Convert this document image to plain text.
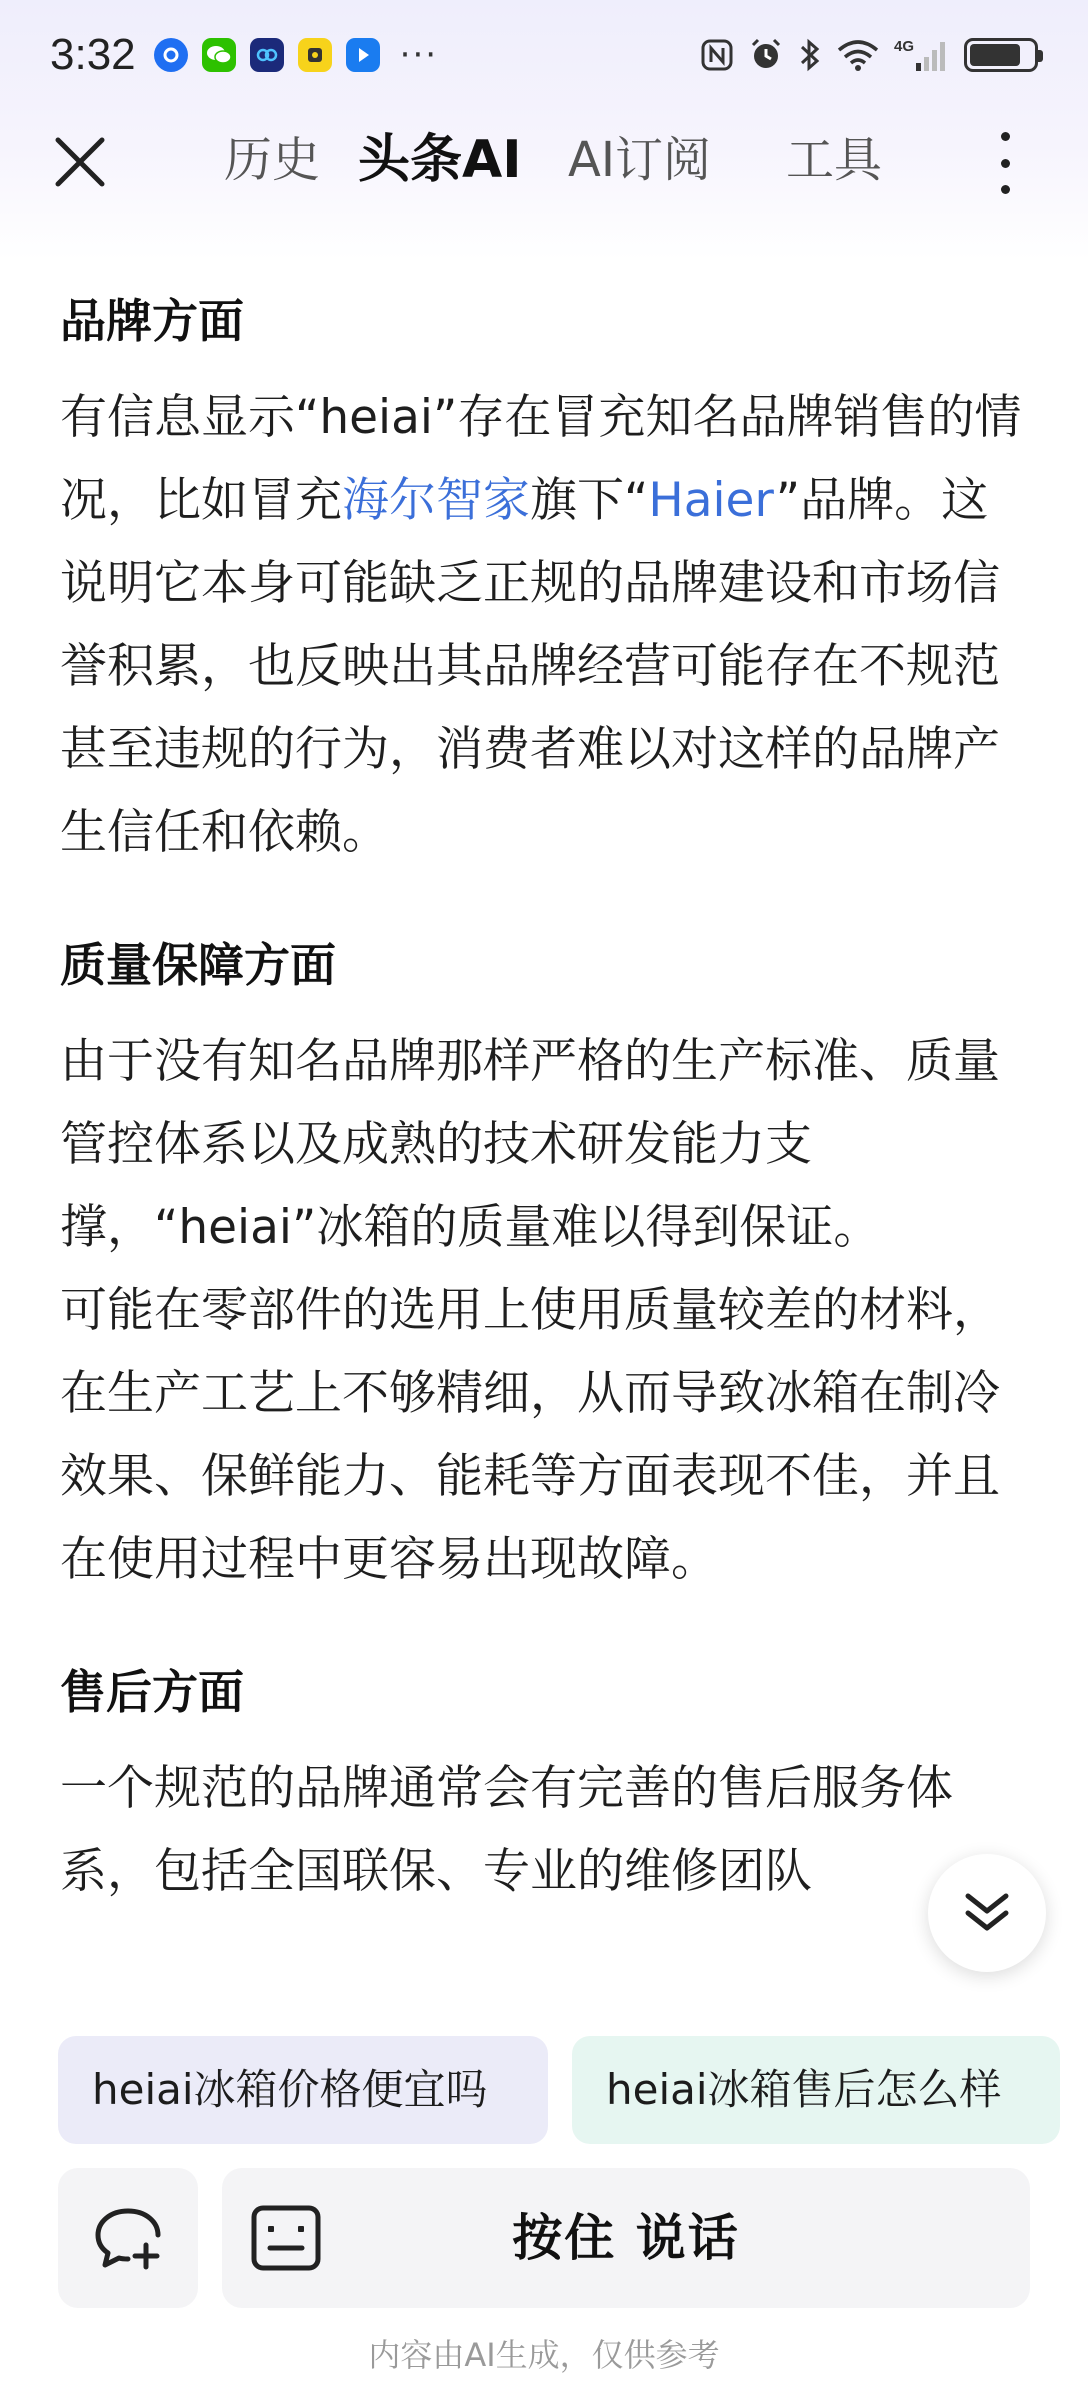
3:32	···	4G
历史 头条AI AI订阅 工具
品牌方面

有信息显示“heiai”存在冒充知名品牌销售的情况，比如冒充海尔智家旗下“Haier”品牌。这说明它本身可能缺乏正规的品牌建设和市场信誉积累，也反映出其品牌经营可能存在不规范甚至违规的行为，消费者难以对这样的品牌产生信任和依赖。

质量保障方面

由于没有知名品牌那样严格的生产标准、质量管控体系以及成熟的技术研发能力支撑，“heiai”冰箱的质量难以得到保证。

可能在零部件的选用上使用质量较差的材料，在生产工艺上不够精细，从而导致冰箱在制冷效果、保鲜能力、能耗等方面表现不佳，并且在使用过程中更容易出现故障。

售后方面

一个规范的品牌通常会有完善的售后服务体系，包括全国联保、专业的维修团队

heiai冰箱价格便宜吗	heiai冰箱售后怎么样
按住 说话
内容由AI生成，仅供参考
